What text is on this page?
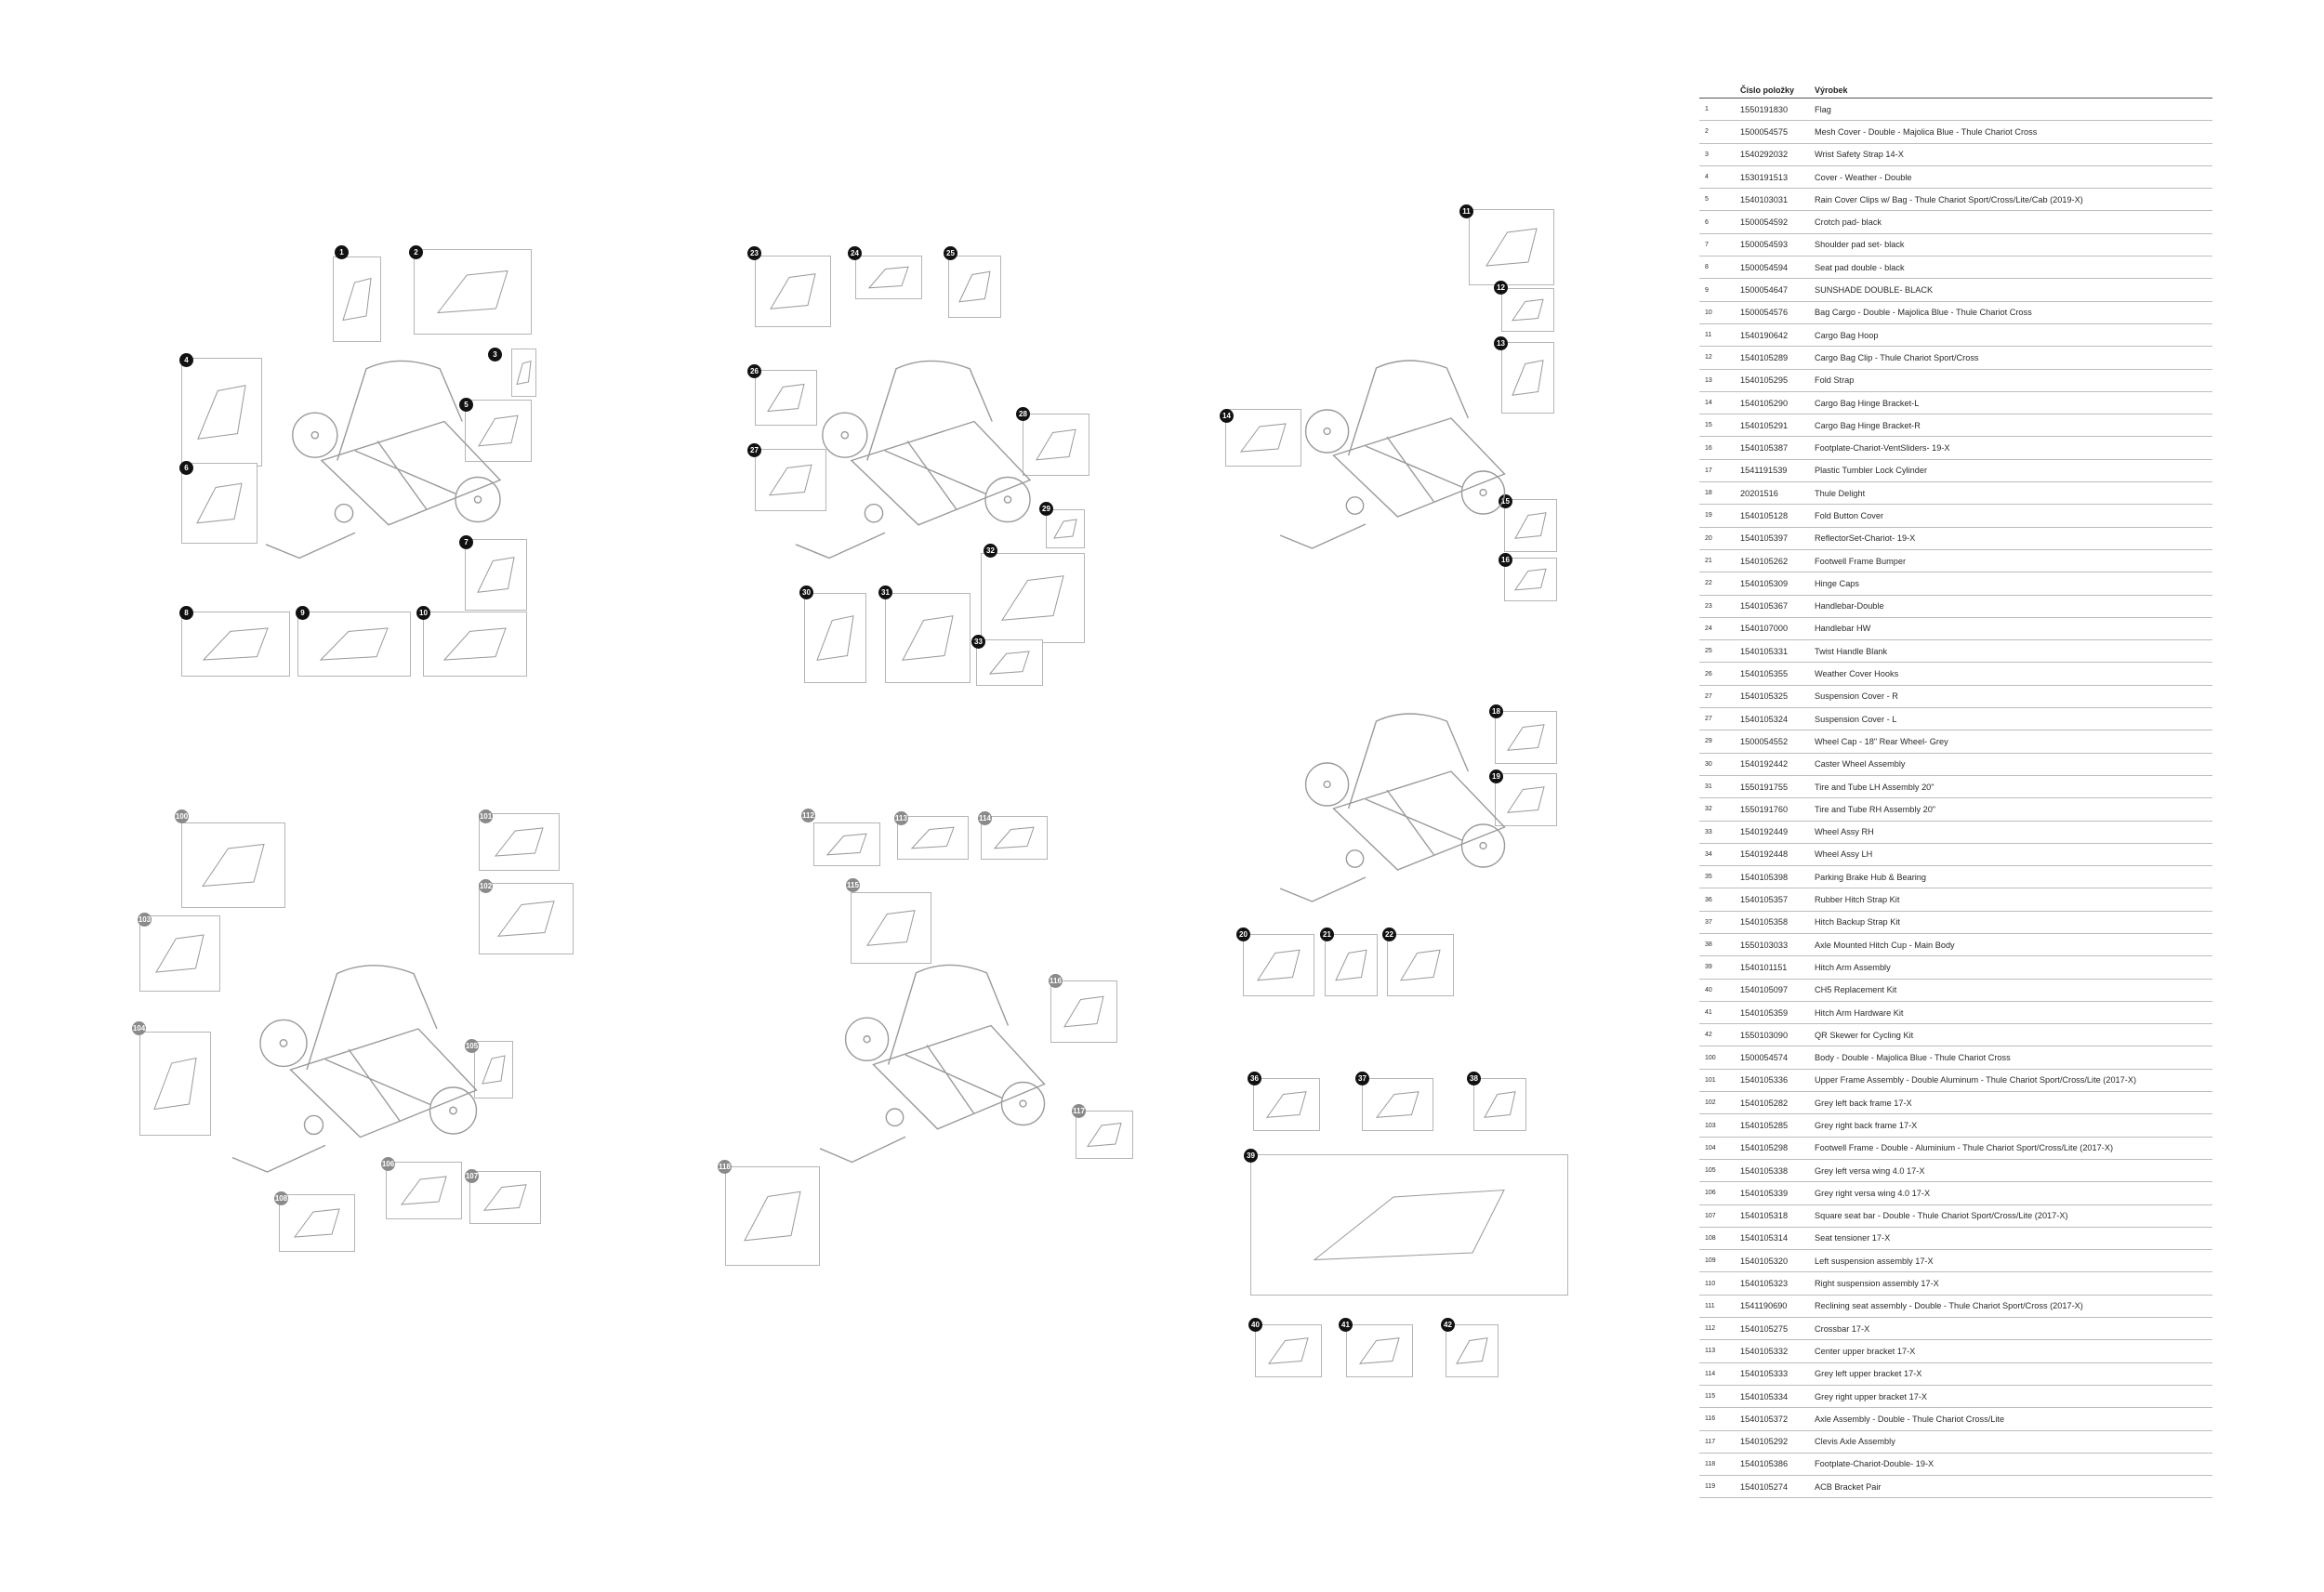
1	2
3
4
5
6
7
8	9	10
23	24	25
26
27
28
29
30	31
32
33
11
12
13
14
15
16
18
19
20	21	22
100	101
102
103
104
105
106
107
108
112	113	114
115
116
117
118
36	37	38
39
40	41	42
Číslo položky	Výrobek
1	1550191830	Flag
2	1500054575	Mesh Cover - Double - Majolica Blue - Thule Chariot Cross
3	1540292032	Wrist Safety Strap 14-X
4	1530191513	Cover - Weather - Double
5	1540103031	Rain Cover Clips w/ Bag - Thule Chariot Sport/Cross/Lite/Cab (2019-X)
6	1500054592	Crotch pad- black
7	1500054593	Shoulder pad set- black
8	1500054594	Seat pad double - black
9	1500054647	SUNSHADE DOUBLE- BLACK
10	1500054576	Bag Cargo - Double - Majolica Blue - Thule Chariot Cross
11	1540190642	Cargo Bag Hoop
12	1540105289	Cargo Bag Clip - Thule Chariot Sport/Cross
13	1540105295	Fold Strap
14	1540105290	Cargo Bag Hinge Bracket-L
15	1540105291	Cargo Bag Hinge Bracket-R
16	1540105387	Footplate-Chariot-VentSliders- 19-X
17	1541191539	Plastic Tumbler Lock Cylinder
18	20201516	Thule Delight
19	1540105128	Fold Button Cover
20	1540105397	ReflectorSet-Chariot- 19-X
21	1540105262	Footwell Frame Bumper
22	1540105309	Hinge Caps
23	1540105367	Handlebar-Double
24	1540107000	Handlebar HW
25	1540105331	Twist Handle Blank
26	1540105355	Weather Cover Hooks
27	1540105325	Suspension Cover - R
27	1540105324	Suspension Cover - L
29	1500054552	Wheel Cap - 18" Rear Wheel- Grey
30	1540192442	Caster Wheel Assembly
31	1550191755	Tire and Tube LH Assembly 20"
32	1550191760	Tire and Tube RH Assembly 20"
33	1540192449	Wheel Assy RH
34	1540192448	Wheel Assy LH
35	1540105398	Parking Brake Hub & Bearing
36	1540105357	Rubber Hitch Strap Kit
37	1540105358	Hitch Backup Strap Kit
38	1550103033	Axle Mounted Hitch Cup - Main Body
39	1540101151	Hitch Arm Assembly
40	1540105097	CH5 Replacement Kit
41	1540105359	Hitch Arm Hardware Kit
42	1550103090	QR Skewer for Cycling Kit
100	1500054574	Body - Double - Majolica Blue - Thule Chariot Cross
101	1540105336	Upper Frame Assembly - Double Aluminum - Thule Chariot Sport/Cross/Lite (2017-X)
102	1540105282	Grey left back frame 17-X
103	1540105285	Grey right back frame 17-X
104	1540105298	Footwell Frame - Double - Aluminium - Thule Chariot Sport/Cross/Lite (2017-X)
105	1540105338	Grey left versa wing 4.0 17-X
106	1540105339	Grey right versa wing 4.0 17-X
107	1540105318	Square seat bar - Double - Thule Chariot Sport/Cross/Lite (2017-X)
108	1540105314	Seat tensioner 17-X
109	1540105320	Left suspension assembly 17-X
110	1540105323	Right suspension assembly 17-X
111	1541190690	Reclining seat assembly - Double - Thule Chariot Sport/Cross (2017-X)
112	1540105275	Crossbar 17-X
113	1540105332	Center upper bracket 17-X
114	1540105333	Grey left upper bracket 17-X
115	1540105334	Grey right upper bracket 17-X
116	1540105372	Axle Assembly - Double - Thule Chariot Cross/Lite
117	1540105292	Clevis Axle Assembly
118	1540105386	Footplate-Chariot-Double- 19-X
119	1540105274	ACB Bracket Pair
